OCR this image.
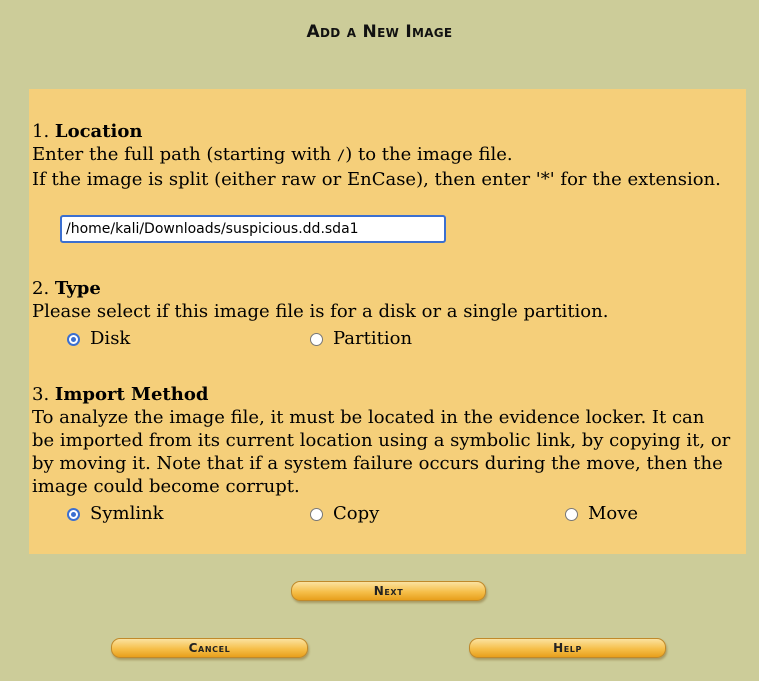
Add a New Image
1. Location
Enter the full path (starting with /) to the image file.
If the image is split (either raw or EnCase), then enter '*' for the extension.
/home/kali/Downloads/suspicious.dd.sda1
2. Type
Please select if this image file is for a disk or a single partition.
Disk	Partition
3. Import Method
To analyze the image file, it must be located in the evidence locker. It can be imported from its current location using a symbolic link, by copying it, or by moving it. Note that if a system failure occurs during the move, then the image could become corrupt.
Symlink	Copy	Move
Next
Cancel	Help
